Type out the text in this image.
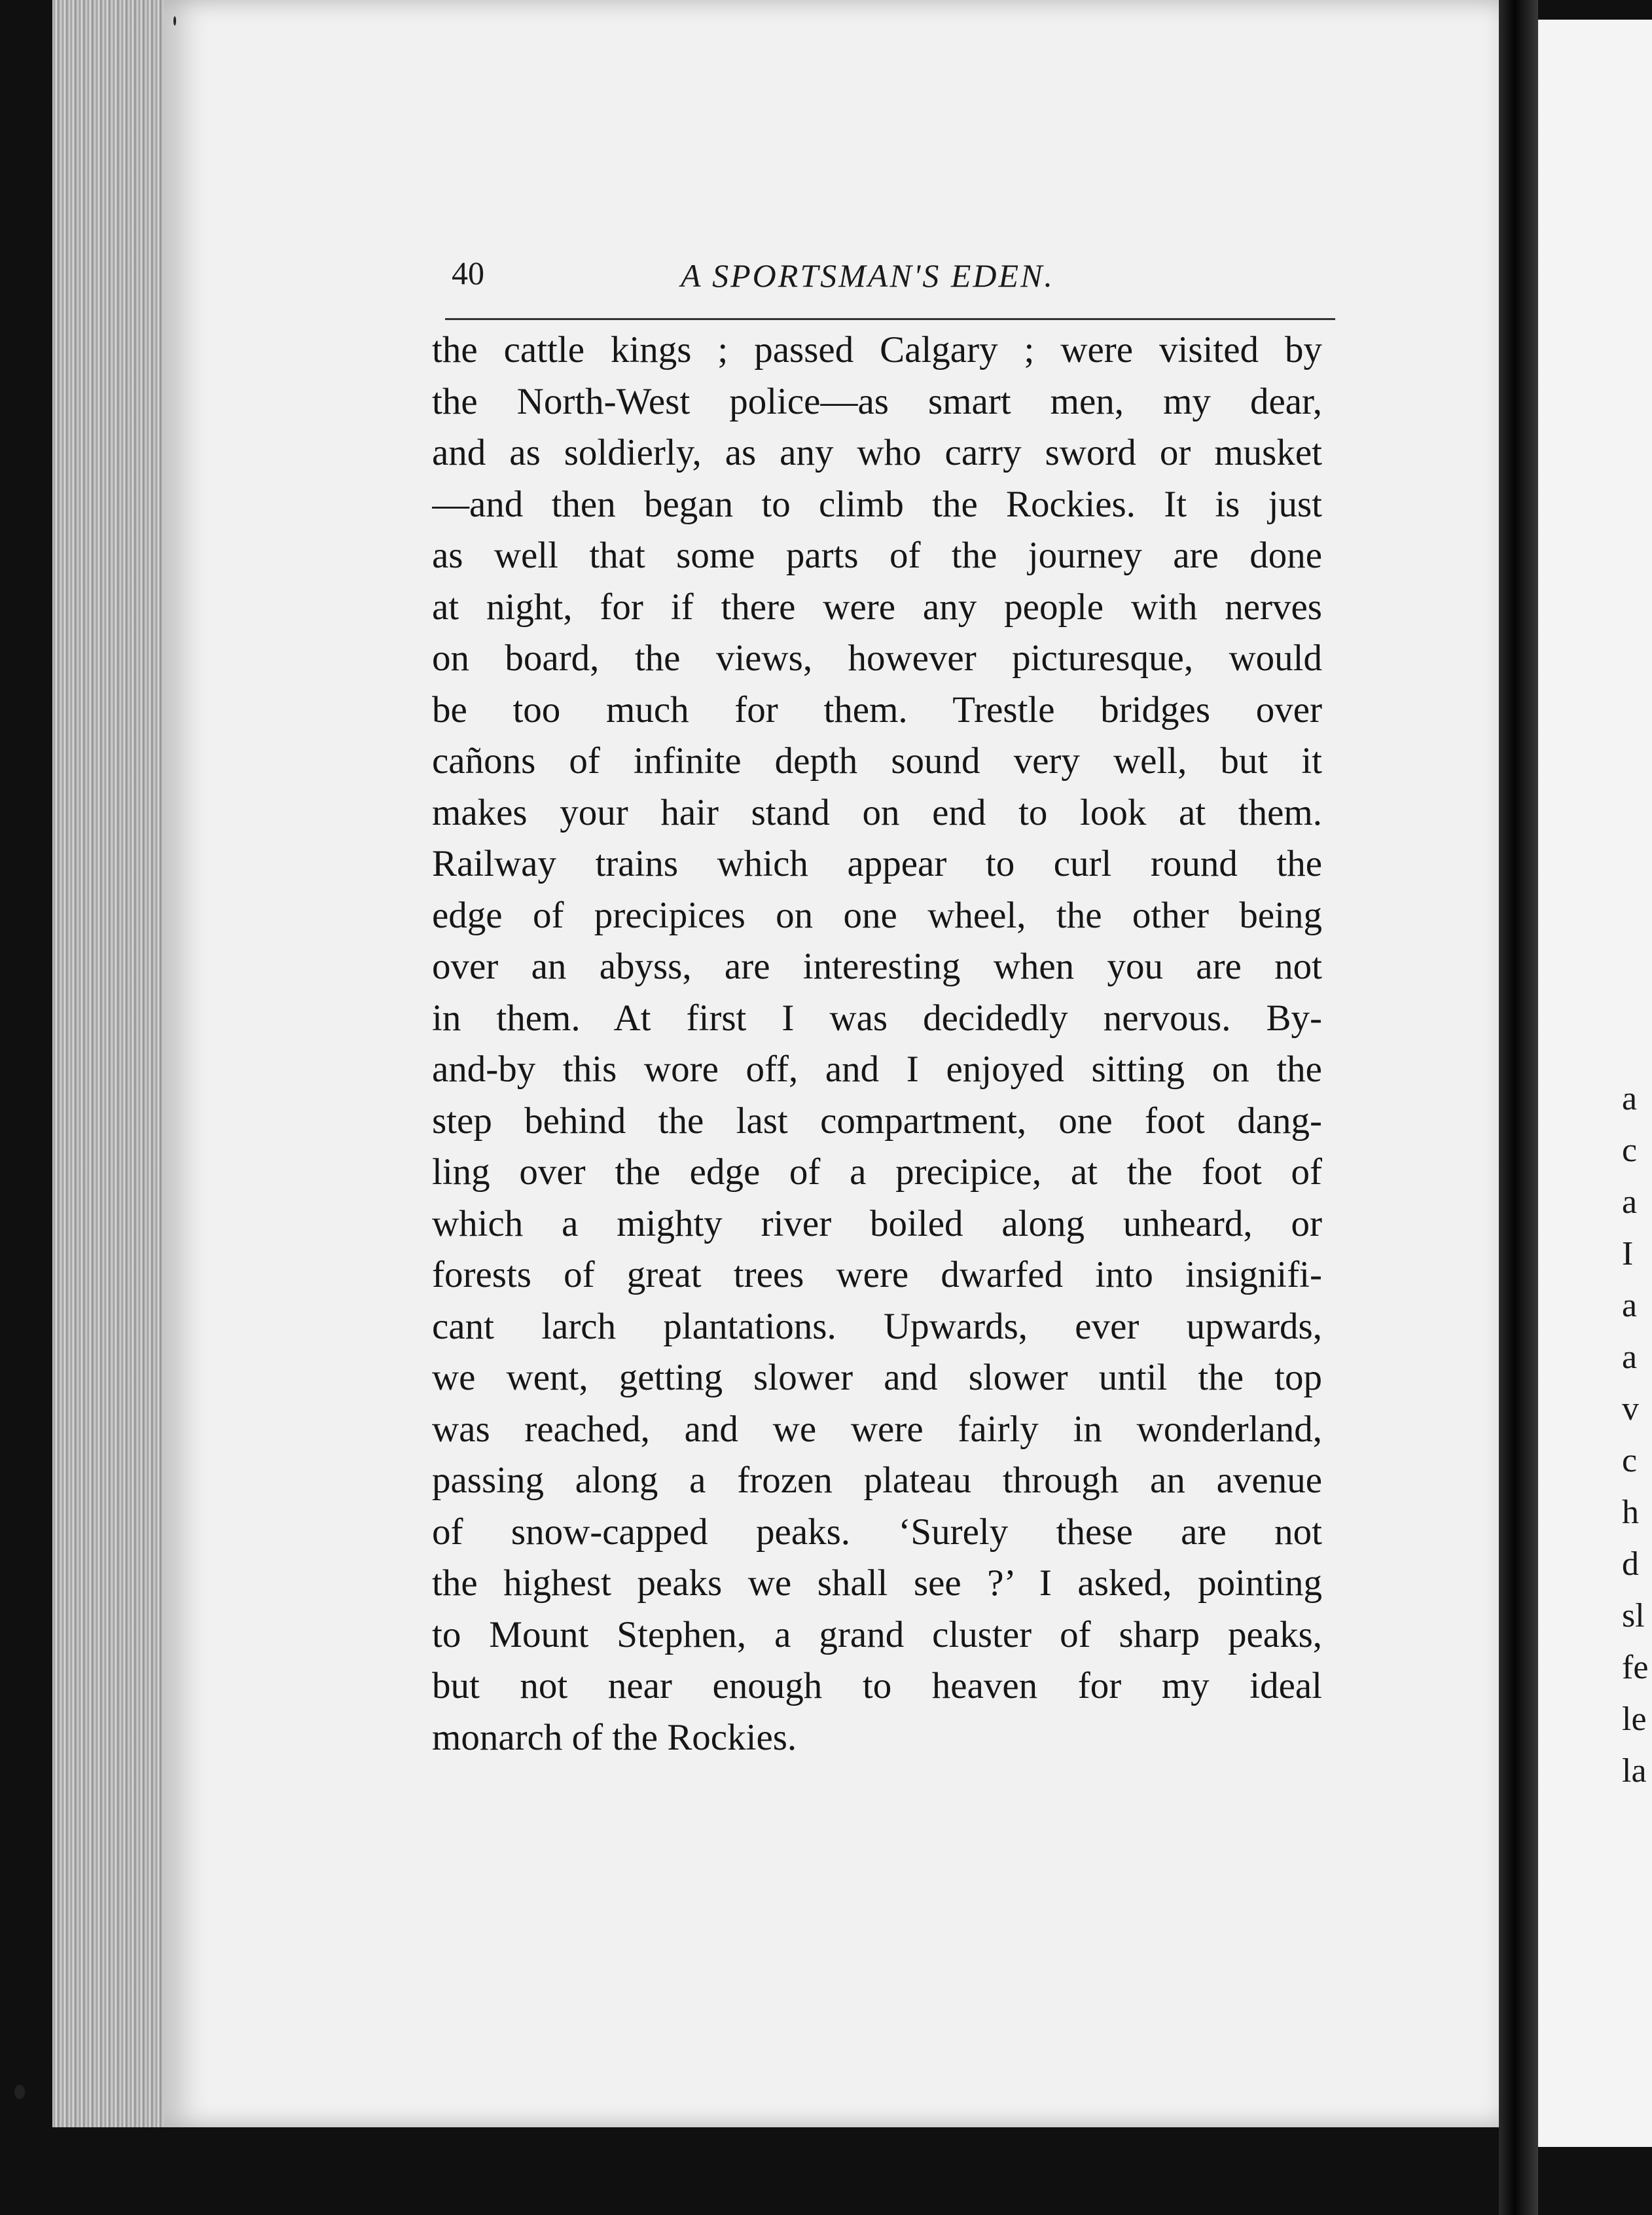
a
c
a
I
a
a
v
c
h
d
sl
fe
le
la
40	A SPORTSMAN'S EDEN.
the cattle kings ; passed Calgary ; were visited by
the North-West police—as smart men, my dear,
and as soldierly, as any who carry sword or musket
—and then began to climb the Rockies. It is just
as well that some parts of the journey are done
at night, for if there were any people with nerves
on board, the views, however picturesque, would
be too much for them. Trestle bridges over
cañons of infinite depth sound very well, but it
makes your hair stand on end to look at them.
Railway trains which appear to curl round the
edge of precipices on one wheel, the other being
over an abyss, are interesting when you are not
in them. At first I was decidedly nervous. By-
and-by this wore off, and I enjoyed sitting on the
step behind the last compartment, one foot dang-
ling over the edge of a precipice, at the foot of
which a mighty river boiled along unheard, or
forests of great trees were dwarfed into insignifi-
cant larch plantations. Upwards, ever upwards,
we went, getting slower and slower until the top
was reached, and we were fairly in wonderland,
passing along a frozen plateau through an avenue
of snow-capped peaks. ‘Surely these are not
the highest peaks we shall see ?’ I asked, pointing
to Mount Stephen, a grand cluster of sharp peaks,
but not near enough to heaven for my ideal
monarch of the Rockies.
